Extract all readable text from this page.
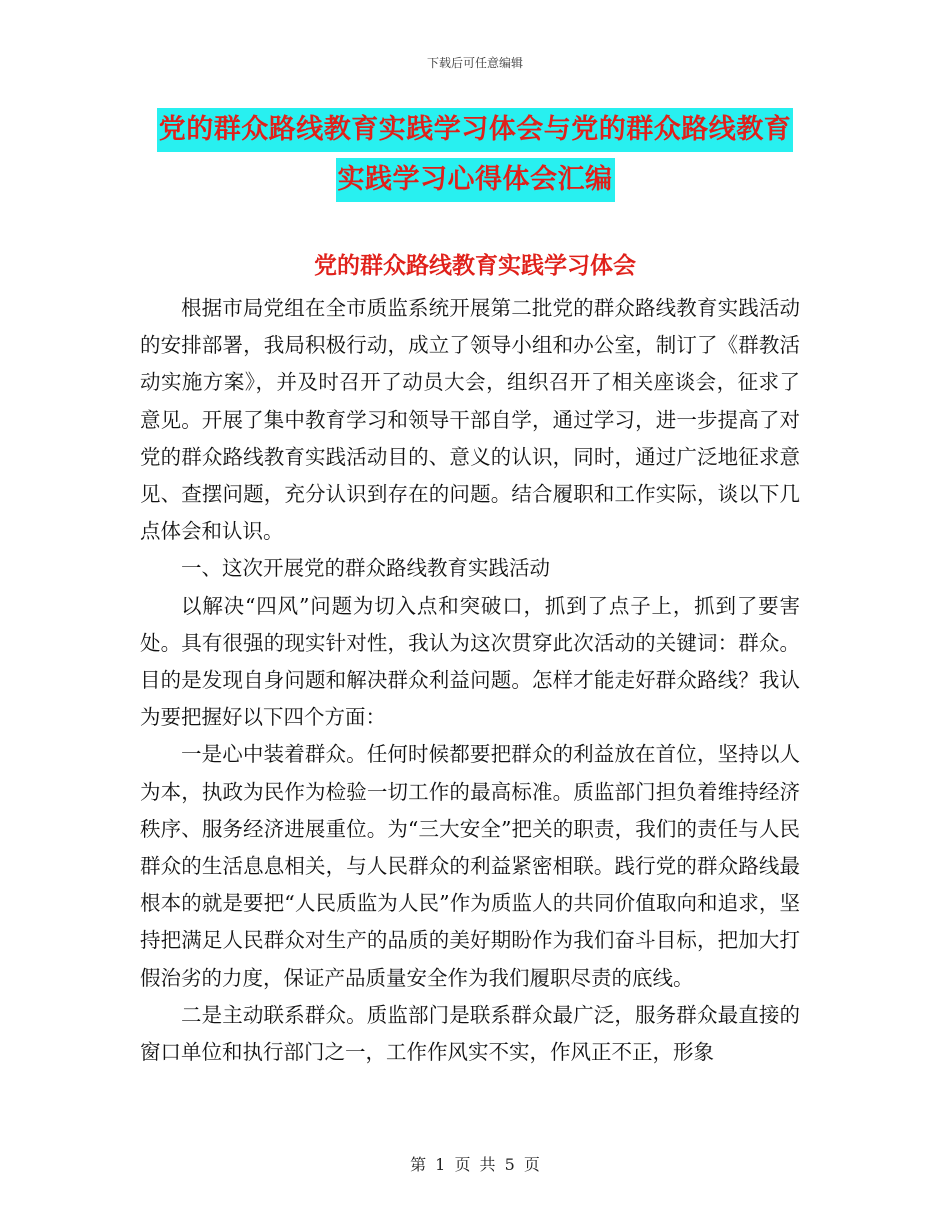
下载后可任意编辑
党的群众路线教育实践学习体会与党的群众路线教育
实践学习心得体会汇编
党的群众路线教育实践学习体会

根据市局党组在全市质监系统开展第二批党的群众路线教育实践活动的安排部署，我局积极行动，成立了领导小组和办公室，制订了《群教活动实施方案》，并及时召开了动员大会，组织召开了相关座谈会，征求了意见。开展了集中教育学习和领导干部自学，通过学习，进一步提高了对党的群众路线教育实践活动目的、意义的认识，同时，通过广泛地征求意见、查摆问题，充分认识到存在的问题。结合履职和工作实际，谈以下几点体会和认识。

一、这次开展党的群众路线教育实践活动

以解决“四风”问题为切入点和突破口，抓到了点子上，抓到了要害处。具有很强的现实针对性，我认为这次贯穿此次活动的关键词：群众。目的是发现自身问题和解决群众利益问题。怎样才能走好群众路线？我认为要把握好以下四个方面：

一是心中装着群众。任何时候都要把群众的利益放在首位，坚持以人为本，执政为民作为检验一切工作的最高标准。质监部门担负着维持经济秩序、服务经济进展重位。为“三大安全”把关的职责，我们的责任与人民群众的生活息息相关，与人民群众的利益紧密相联。践行党的群众路线最根本的就是要把“人民质监为人民”作为质监人的共同价值取向和追求，坚持把满足人民群众对生产的品质的美好期盼作为我们奋斗目标，把加大打假治劣的力度，保证产品质量安全作为我们履职尽责的底线。

二是主动联系群众。质监部门是联系群众最广泛，服务群众最直接的窗口单位和执行部门之一，工作作风实不实，作风正不正，形象

第 1 页 共 5 页
